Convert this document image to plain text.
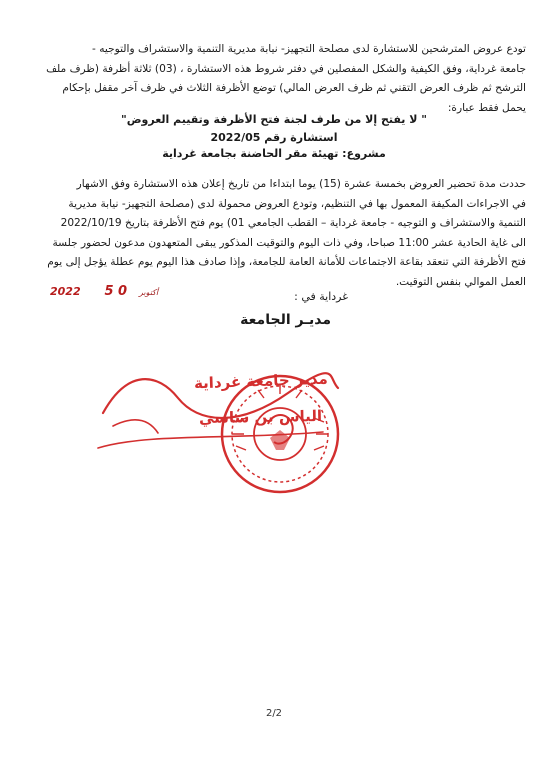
تودع عروض المترشحين للاستشارة لدى مصلحة التجهيز- نيابة مديرية التنمية والاستشراف والتوجيه -
جامعة غرداية، وفق الكيفية والشكل المفصلين في دفتر شروط هذه الاستشارة ، (03) ثلاثة أظرفة (ظرف ملف
الترشح ثم ظرف العرض التقني ثم ظرف العرض المالي) توضع الأظرفة الثلاث في ظرف آخر مقفل بإحكام
يحمل فقط عبارة:
" لا يفتح إلا من طرف لجنة فتح الأظرفة وتقييم العروض"
استشارة رقم 2022/05
مشروع: تهيئة مقر الحاضنة بجامعة غرداية
حددت مدة تحضير العروض بخمسة عشرة (15) يوما ابتداءا من تاريخ إعلان هذه الاستشارة وفق الاشهار
في الاجراءات المكيفة المعمول بها في التنظيم، وتودع العروض محمولة لدى (مصلحة التجهيز- نيابة مديرية
التنمية والاستشراف و التوجيه - جامعة غرداية – القطب الجامعي 01) يوم فتح الأظرفة بتاريخ 2022/10/19
الى غاية الحادية عشر 11:00 صباحا، وفي ذات اليوم والتوقيت المذكور يبقى المتعهدون مدعون لحضور جلسة
فتح الأظرفة التي تنعقد بقاعة الاجتماعات للأمانة العامة للجامعة، وإذا صادف هذا اليوم يوم عطلة يؤجل إلى يوم
العمل الموالي بنفس التوقيت.
غرداية في :
2022	أكتوبر 0 5
مديـر الجامعة
مدير جامعة غرداية
الياس بن ساسي
2/2
